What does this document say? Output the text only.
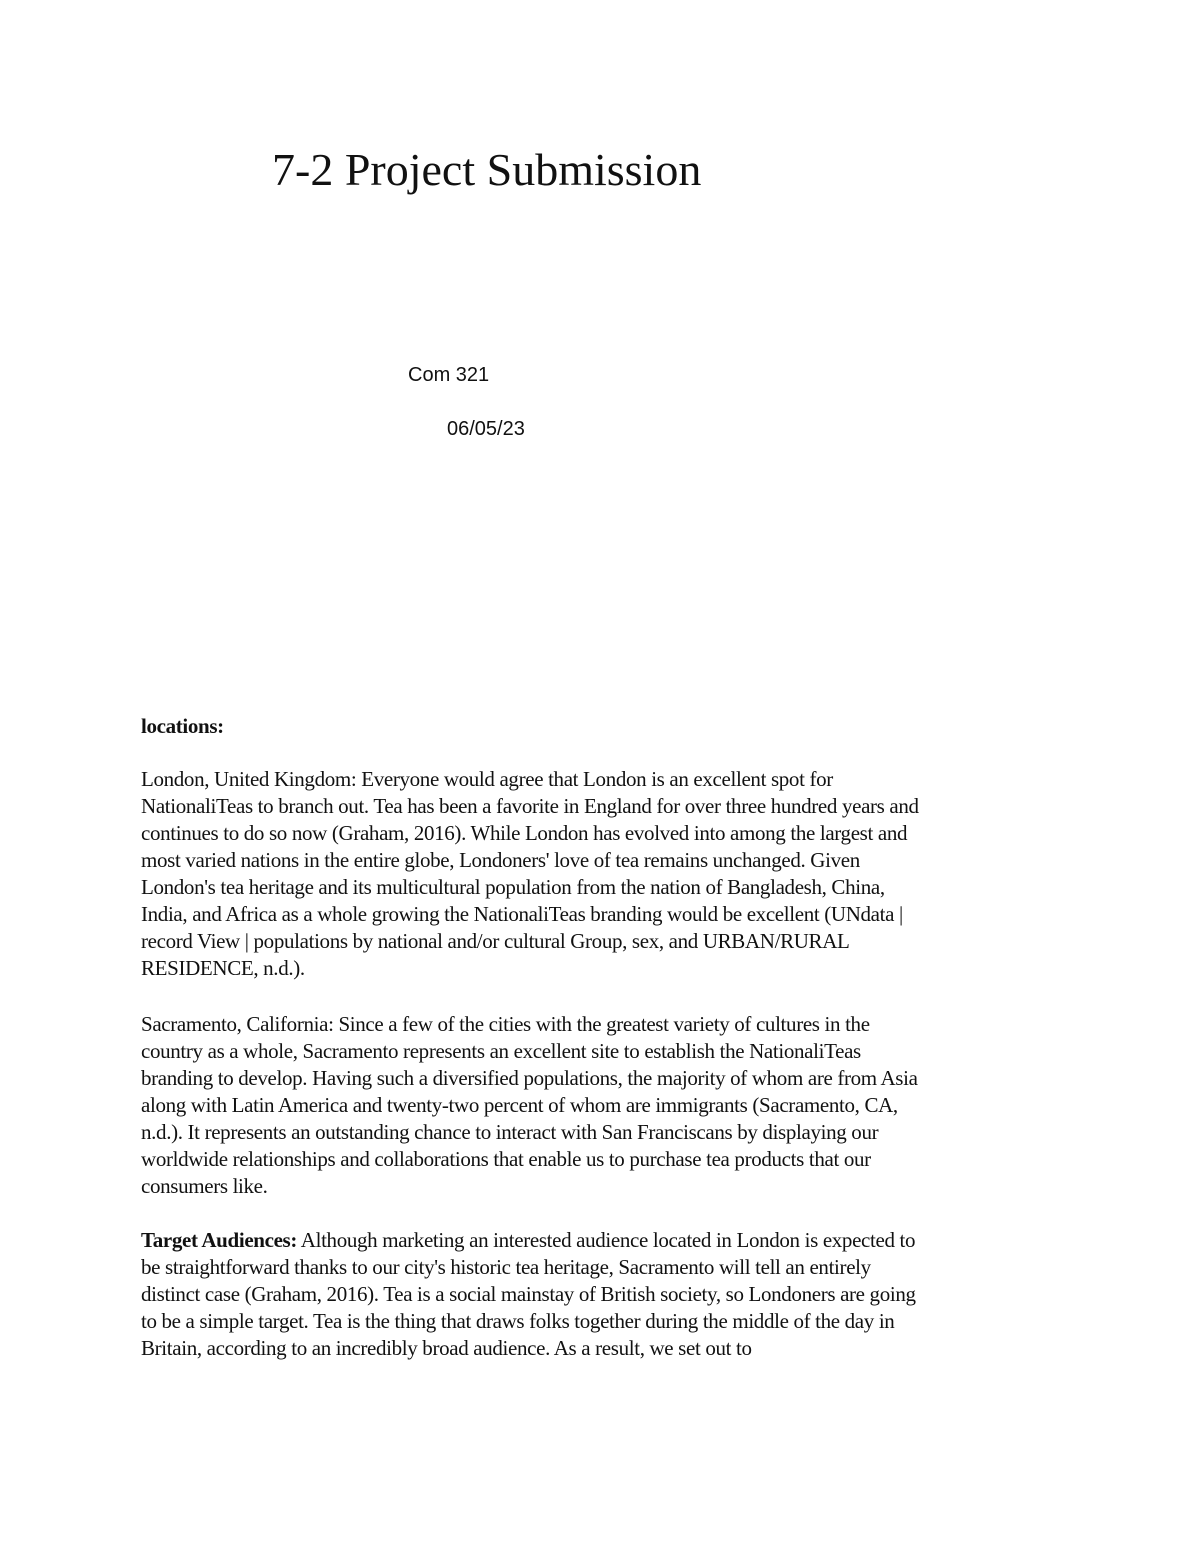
7-2 Project Submission
Com 321
06/05/23

locations:

London, United Kingdom: Everyone would agree that London is an excellent spot for
NationaliTeas to branch out. Tea has been a favorite in England for over three hundred years and
continues to do so now (Graham, 2016). While London has evolved into among the largest and
most varied nations in the entire globe, Londoners' love of tea remains unchanged. Given
London's tea heritage and its multicultural population from the nation of Bangladesh, China,
India, and Africa as a whole growing the NationaliTeas branding would be excellent (UNdata |
record View | populations by national and/or cultural Group, sex, and URBAN/RURAL
RESIDENCE, n.d.).

Sacramento, California: Since a few of the cities with the greatest variety of cultures in the
country as a whole, Sacramento represents an excellent site to establish the NationaliTeas
branding to develop. Having such a diversified populations, the majority of whom are from Asia
along with Latin America and twenty-two percent of whom are immigrants (Sacramento, CA,
n.d.). It represents an outstanding chance to interact with San Franciscans by displaying our
worldwide relationships and collaborations that enable us to purchase tea products that our
consumers like.

Target Audiences: Although marketing an interested audience located in London is expected to
be straightforward thanks to our city's historic tea heritage, Sacramento will tell an entirely
distinct case (Graham, 2016). Tea is a social mainstay of British society, so Londoners are going
to be a simple target. Tea is the thing that draws folks together during the middle of the day in
Britain, according to an incredibly broad audience. As a result, we set out to
